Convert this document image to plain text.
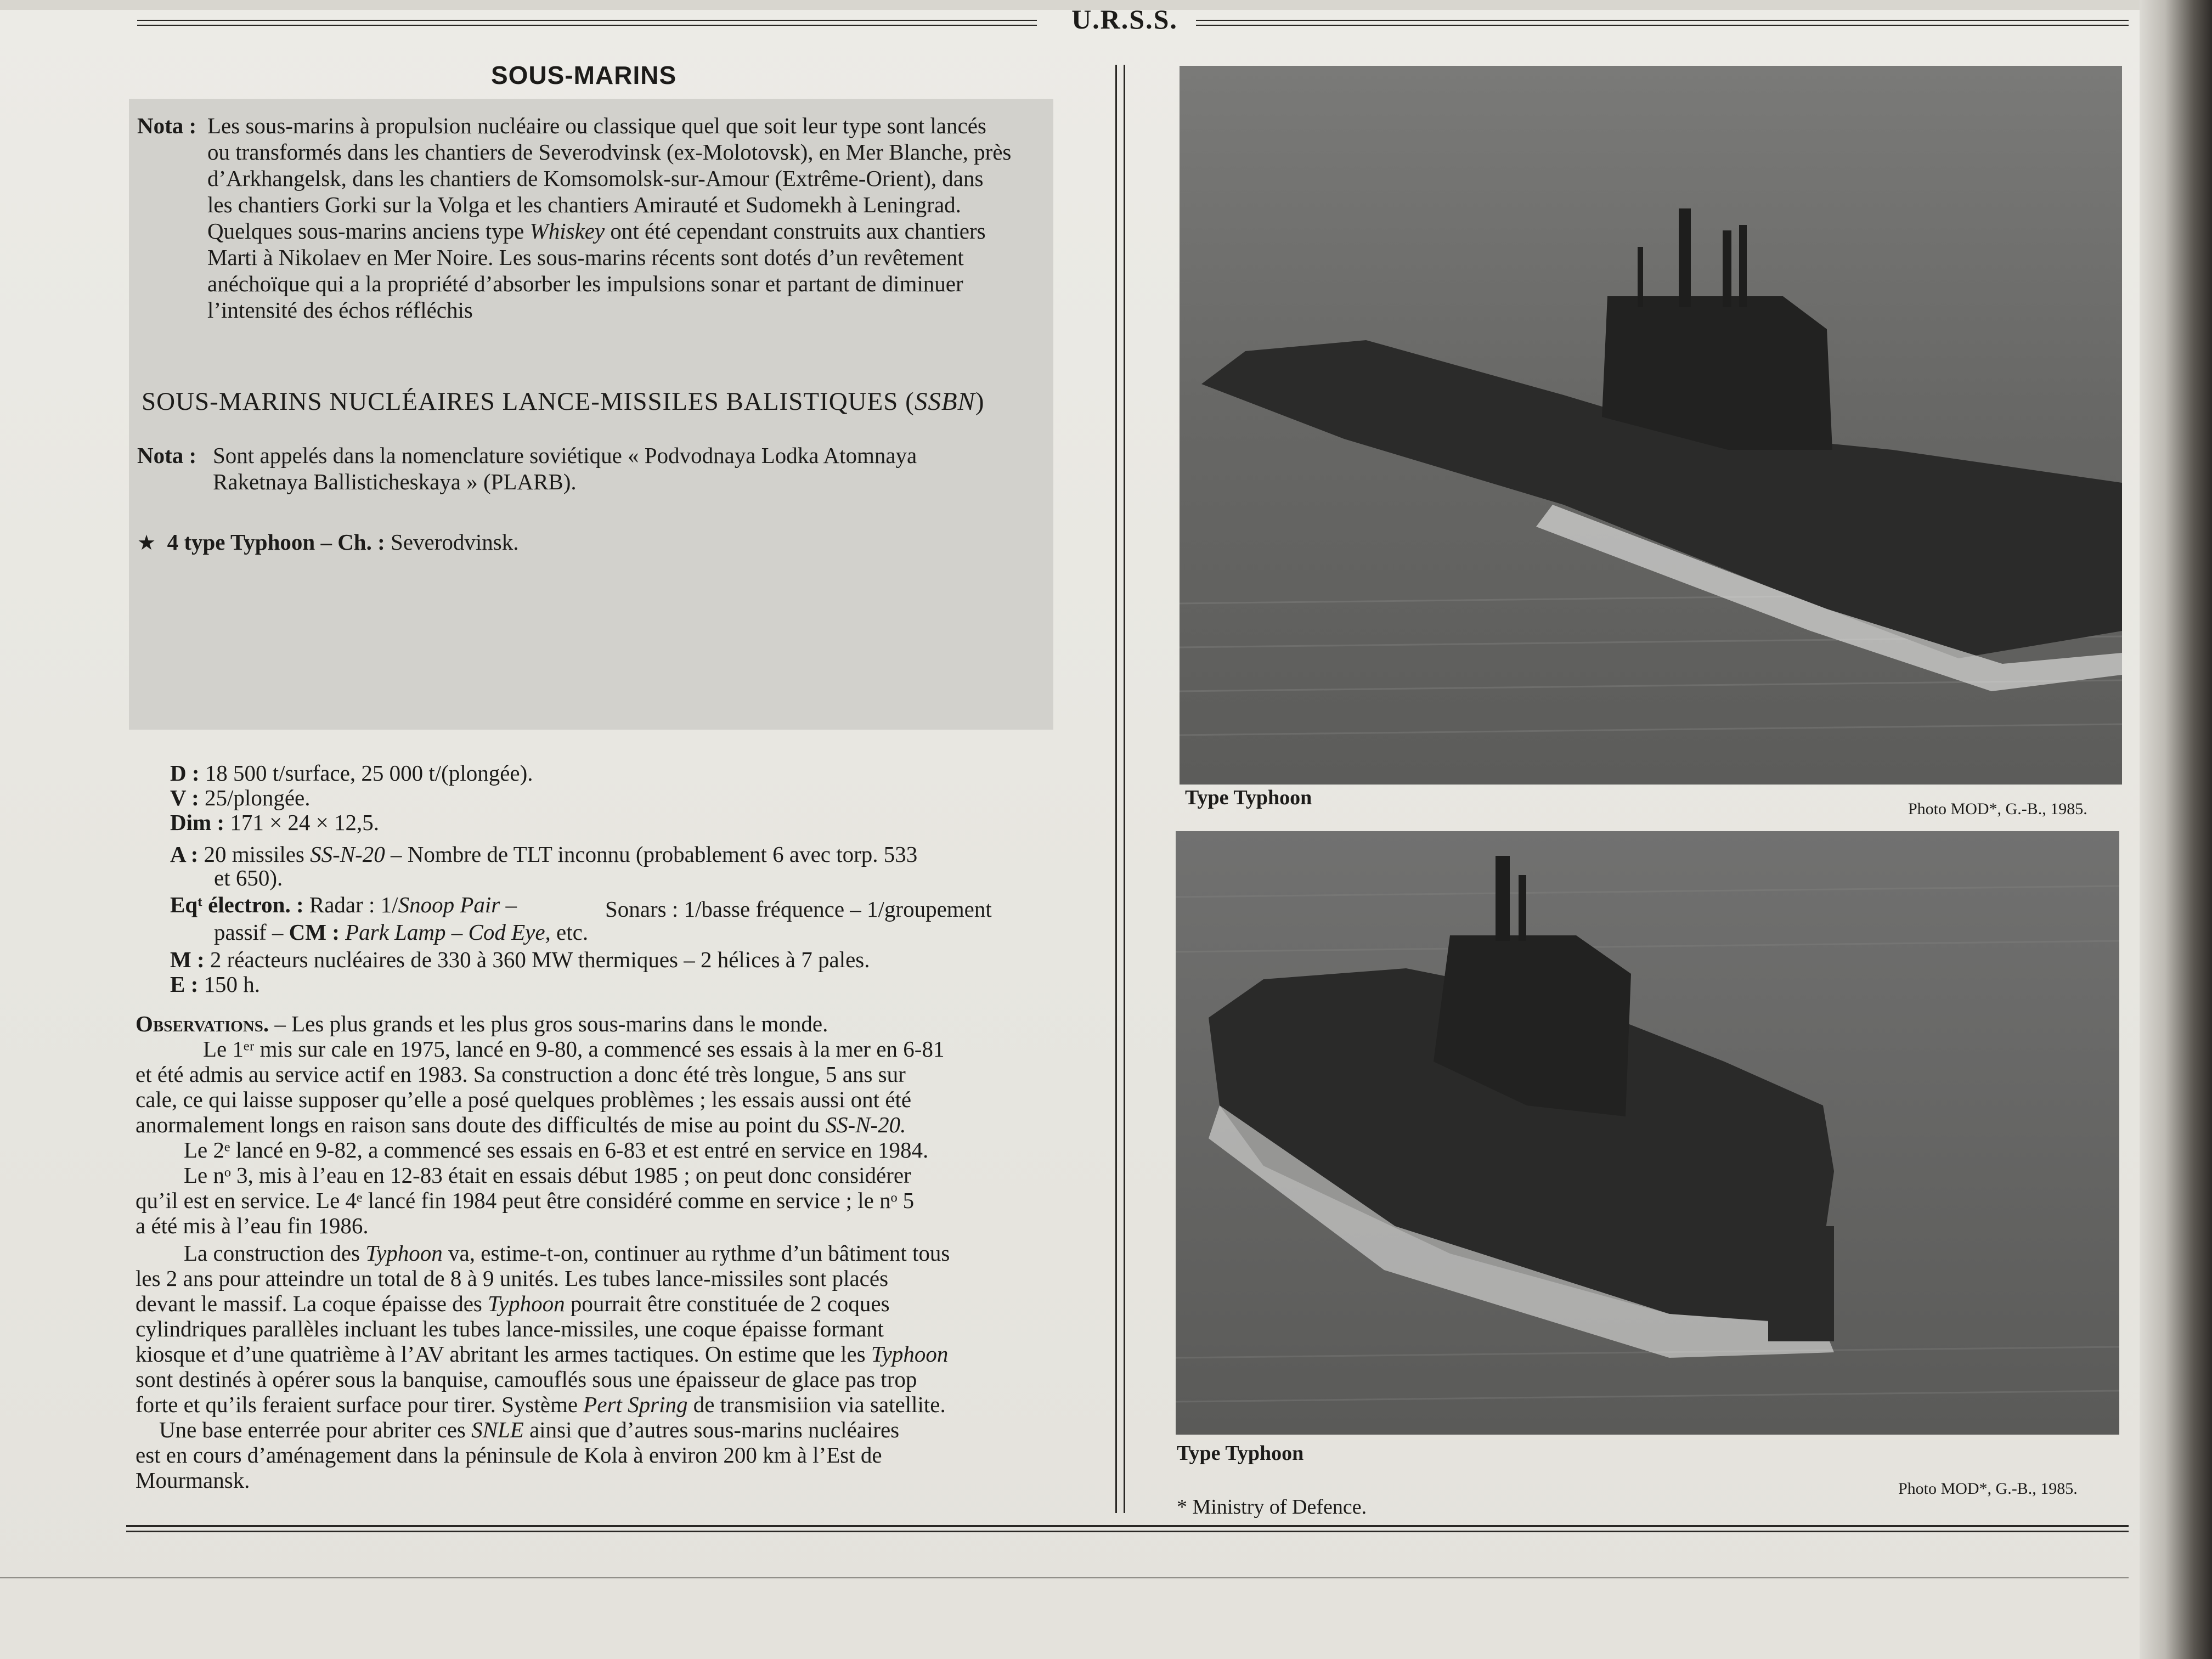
U.R.S.S.
SOUS-MARINS
Nota : Les sous-marins à propulsion nucléaire ou classique quel que soit leur type sont lancés
ou transformés dans les chantiers de Severodvinsk (ex-Molotovsk), en Mer Blanche, près
d’Arkhangelsk, dans les chantiers de Komsomolsk-sur-Amour (Extrême-Orient), dans
les chantiers Gorki sur la Volga et les chantiers Amirauté et Sudomekh à Leningrad.
Quelques sous-marins anciens type Whiskey ont été cependant construits aux chantiers
Marti à Nikolaev en Mer Noire. Les sous-marins récents sont dotés d’un revêtement
anéchoïque qui a la propriété d’absorber les impulsions sonar et partant de diminuer
l’intensité des échos réfléchis
SOUS-MARINS NUCLÉAIRES LANCE-MISSILES BALISTIQUES (SSBN)
Nota : Sont appelés dans la nomenclature soviétique « Podvodnaya Lodka Atomnaya
Raketnaya Ballisticheskaya » (PLARB).
★ 4 type Typhoon – Ch. : Severodvinsk.
D : 18 500 t/surface, 25 000 t/(plongée).
V : 25/plongée.
Dim : 171 × 24 × 12,5.
A : 20 missiles SS-N-20 – Nombre de TLT inconnu (probablement 6 avec torp. 533
et 650).
Eqᵗ électron. : Radar : 1/Snoop Pair –	Sonars : 1/basse fréquence – 1/groupement
passif – CM : Park Lamp – Cod Eye, etc.
M : 2 réacteurs nucléaires de 330 à 360 MW thermiques – 2 hélices à 7 pales.
E : 150 h.
Observations. – Les plus grands et les plus gros sous-marins dans le monde.
Le 1ᵉʳ mis sur cale en 1975, lancé en 9-80, a commencé ses essais à la mer en 6-81
et été admis au service actif en 1983. Sa construction a donc été très longue, 5 ans sur
cale, ce qui laisse supposer qu’elle a posé quelques problèmes ; les essais aussi ont été
anormalement longs en raison sans doute des difficultés de mise au point du SS-N-20.
Le 2ᵉ lancé en 9-82, a commencé ses essais en 6-83 et est entré en service en 1984.
Le nᵒ 3, mis à l’eau en 12-83 était en essais début 1985 ; on peut donc considérer
qu’il est en service. Le 4ᵉ lancé fin 1984 peut être considéré comme en service ; le nᵒ 5
a été mis à l’eau fin 1986.
La construction des Typhoon va, estime-t-on, continuer au rythme d’un bâtiment tous
les 2 ans pour atteindre un total de 8 à 9 unités. Les tubes lance-missiles sont placés
devant le massif. La coque épaisse des Typhoon pourrait être constituée de 2 coques
cylindriques parallèles incluant les tubes lance-missiles, une coque épaisse formant
kiosque et d’une quatrième à l’AV abritant les armes tactiques. On estime que les Typhoon
sont destinés à opérer sous la banquise, camouflés sous une épaisseur de glace pas trop
forte et qu’ils feraient surface pour tirer. Système Pert Spring de transmisiion via satellite.
Une base enterrée pour abriter ces SNLE ainsi que d’autres sous-marins nucléaires
est en cours d’aménagement dans la péninsule de Kola à environ 200 km à l’Est de
Mourmansk.
Type Typhoon	Photo MOD*, G.-B., 1985.
Type Typhoon
Photo MOD*, G.-B., 1985.
* Ministry of Defence.
